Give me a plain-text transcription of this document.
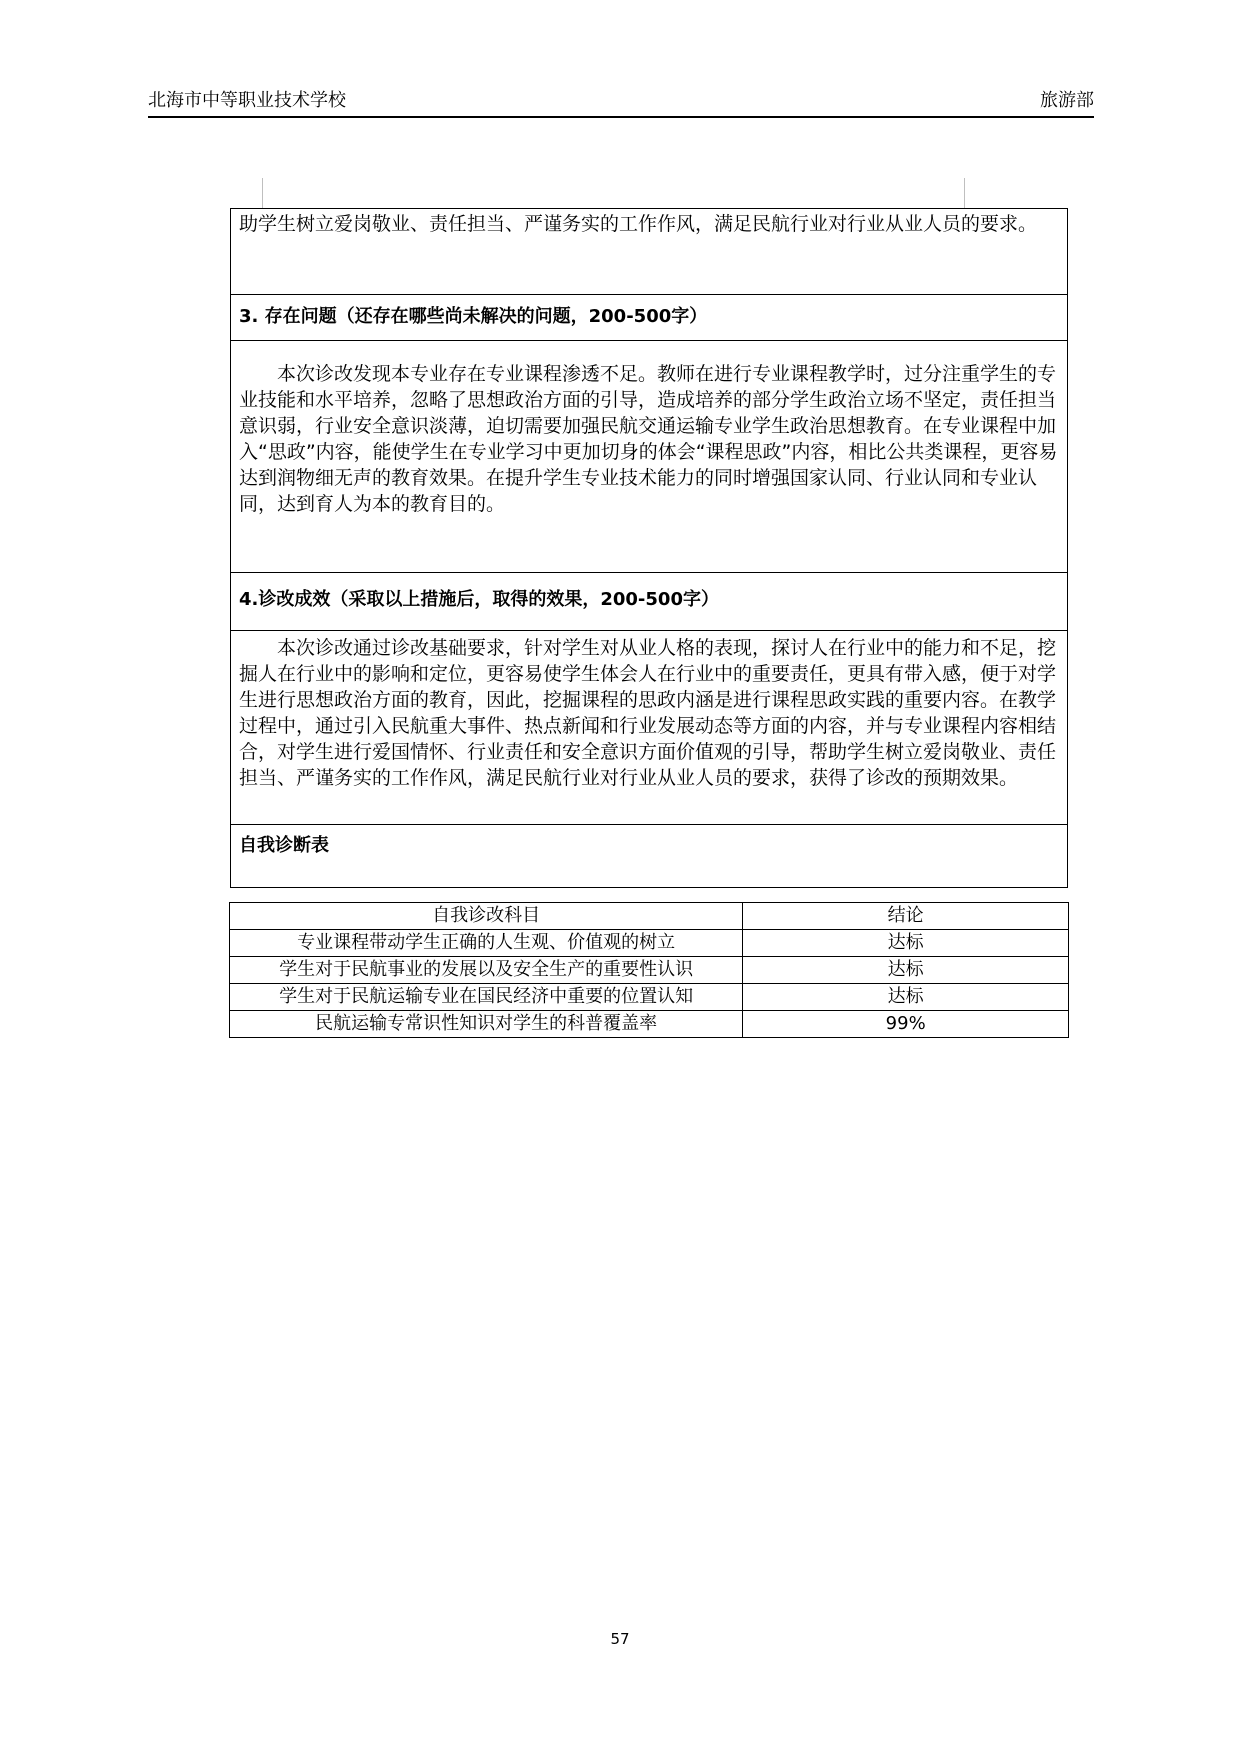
北海市中等职业技术学校	旅游部

助学生树立爱岗敬业、责任担当、严谨务实的工作作风，满足民航行业对行业从业人员的要求。

3. 存在问题（还存在哪些尚未解决的问题，200-500字）

本次诊改发现本专业存在专业课程渗透不足。教师在进行专业课程教学时，过分注重学生的专业技能和水平培养，忽略了思想政治方面的引导，造成培养的部分学生政治立场不坚定，责任担当意识弱，行业安全意识淡薄，迫切需要加强民航交通运输专业学生政治思想教育。在专业课程中加入“思政”内容，能使学生在专业学习中更加切身的体会“课程思政”内容，相比公共类课程，更容易达到润物细无声的教育效果。在提升学生专业技术能力的同时增强国家认同、行业认同和专业认同，达到育人为本的教育目的。

4.诊改成效（采取以上措施后，取得的效果，200-500字）

本次诊改通过诊改基础要求，针对学生对从业人格的表现，探讨人在行业中的能力和不足，挖掘人在行业中的影响和定位，更容易使学生体会人在行业中的重要责任，更具有带入感，便于对学生进行思想政治方面的教育，因此，挖掘课程的思政内涵是进行课程思政实践的重要内容。在教学过程中，通过引入民航重大事件、热点新闻和行业发展动态等方面的内容，并与专业课程内容相结合，对学生进行爱国情怀、行业责任和安全意识方面价值观的引导，帮助学生树立爱岗敬业、责任担当、严谨务实的工作作风，满足民航行业对行业从业人员的要求，获得了诊改的预期效果。

自我诊断表

自我诊改科目	结论
专业课程带动学生正确的人生观、价值观的树立	达标
学生对于民航事业的发展以及安全生产的重要性认识	达标
学生对于民航运输专业在国民经济中重要的位置认知	达标
民航运输专常识性知识对学生的科普覆盖率	99%
57
